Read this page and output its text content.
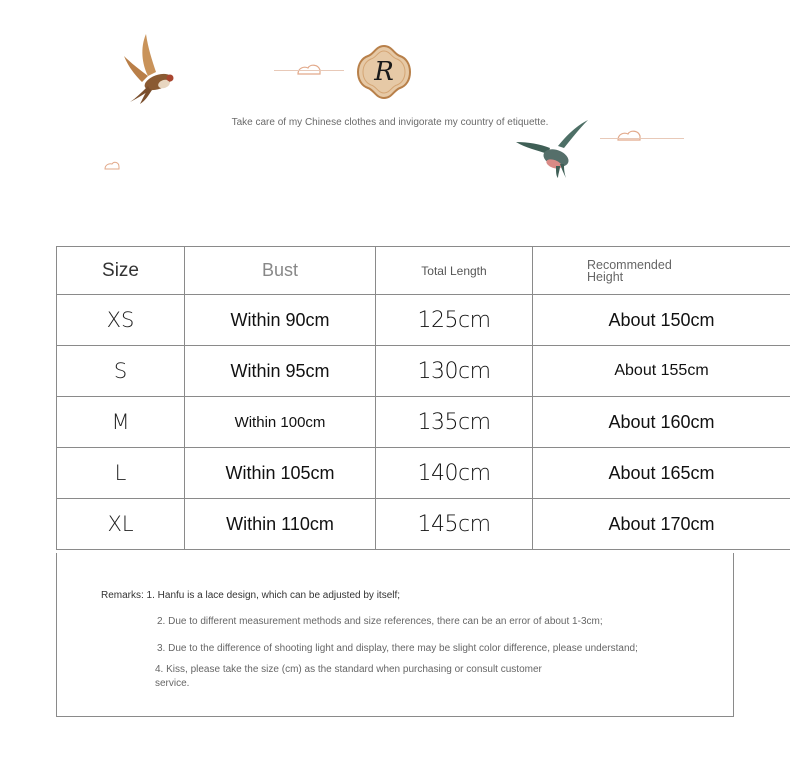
R
Take care of my Chinese clothes and invigorate my country of etiquette.
Size	Bust	Total Length	Recommended
Height

XS	Within 90cm	125cm	About 150cm
S	Within 95cm	130cm	About 155cm
M	Within 100cm	135cm	About 160cm
L	Within 105cm	140cm	About 165cm
XL	Within 110cm	145cm	About 170cm
Remarks: 1. Hanfu is a lace design, which can be adjusted by itself;
2. Due to different measurement methods and size references, there can be an error of about 1-3cm;
3. Due to the difference of shooting light and display, there may be slight color difference, please understand;
4. Kiss, please take the size (cm) as the standard when purchasing or consult customer
service.
